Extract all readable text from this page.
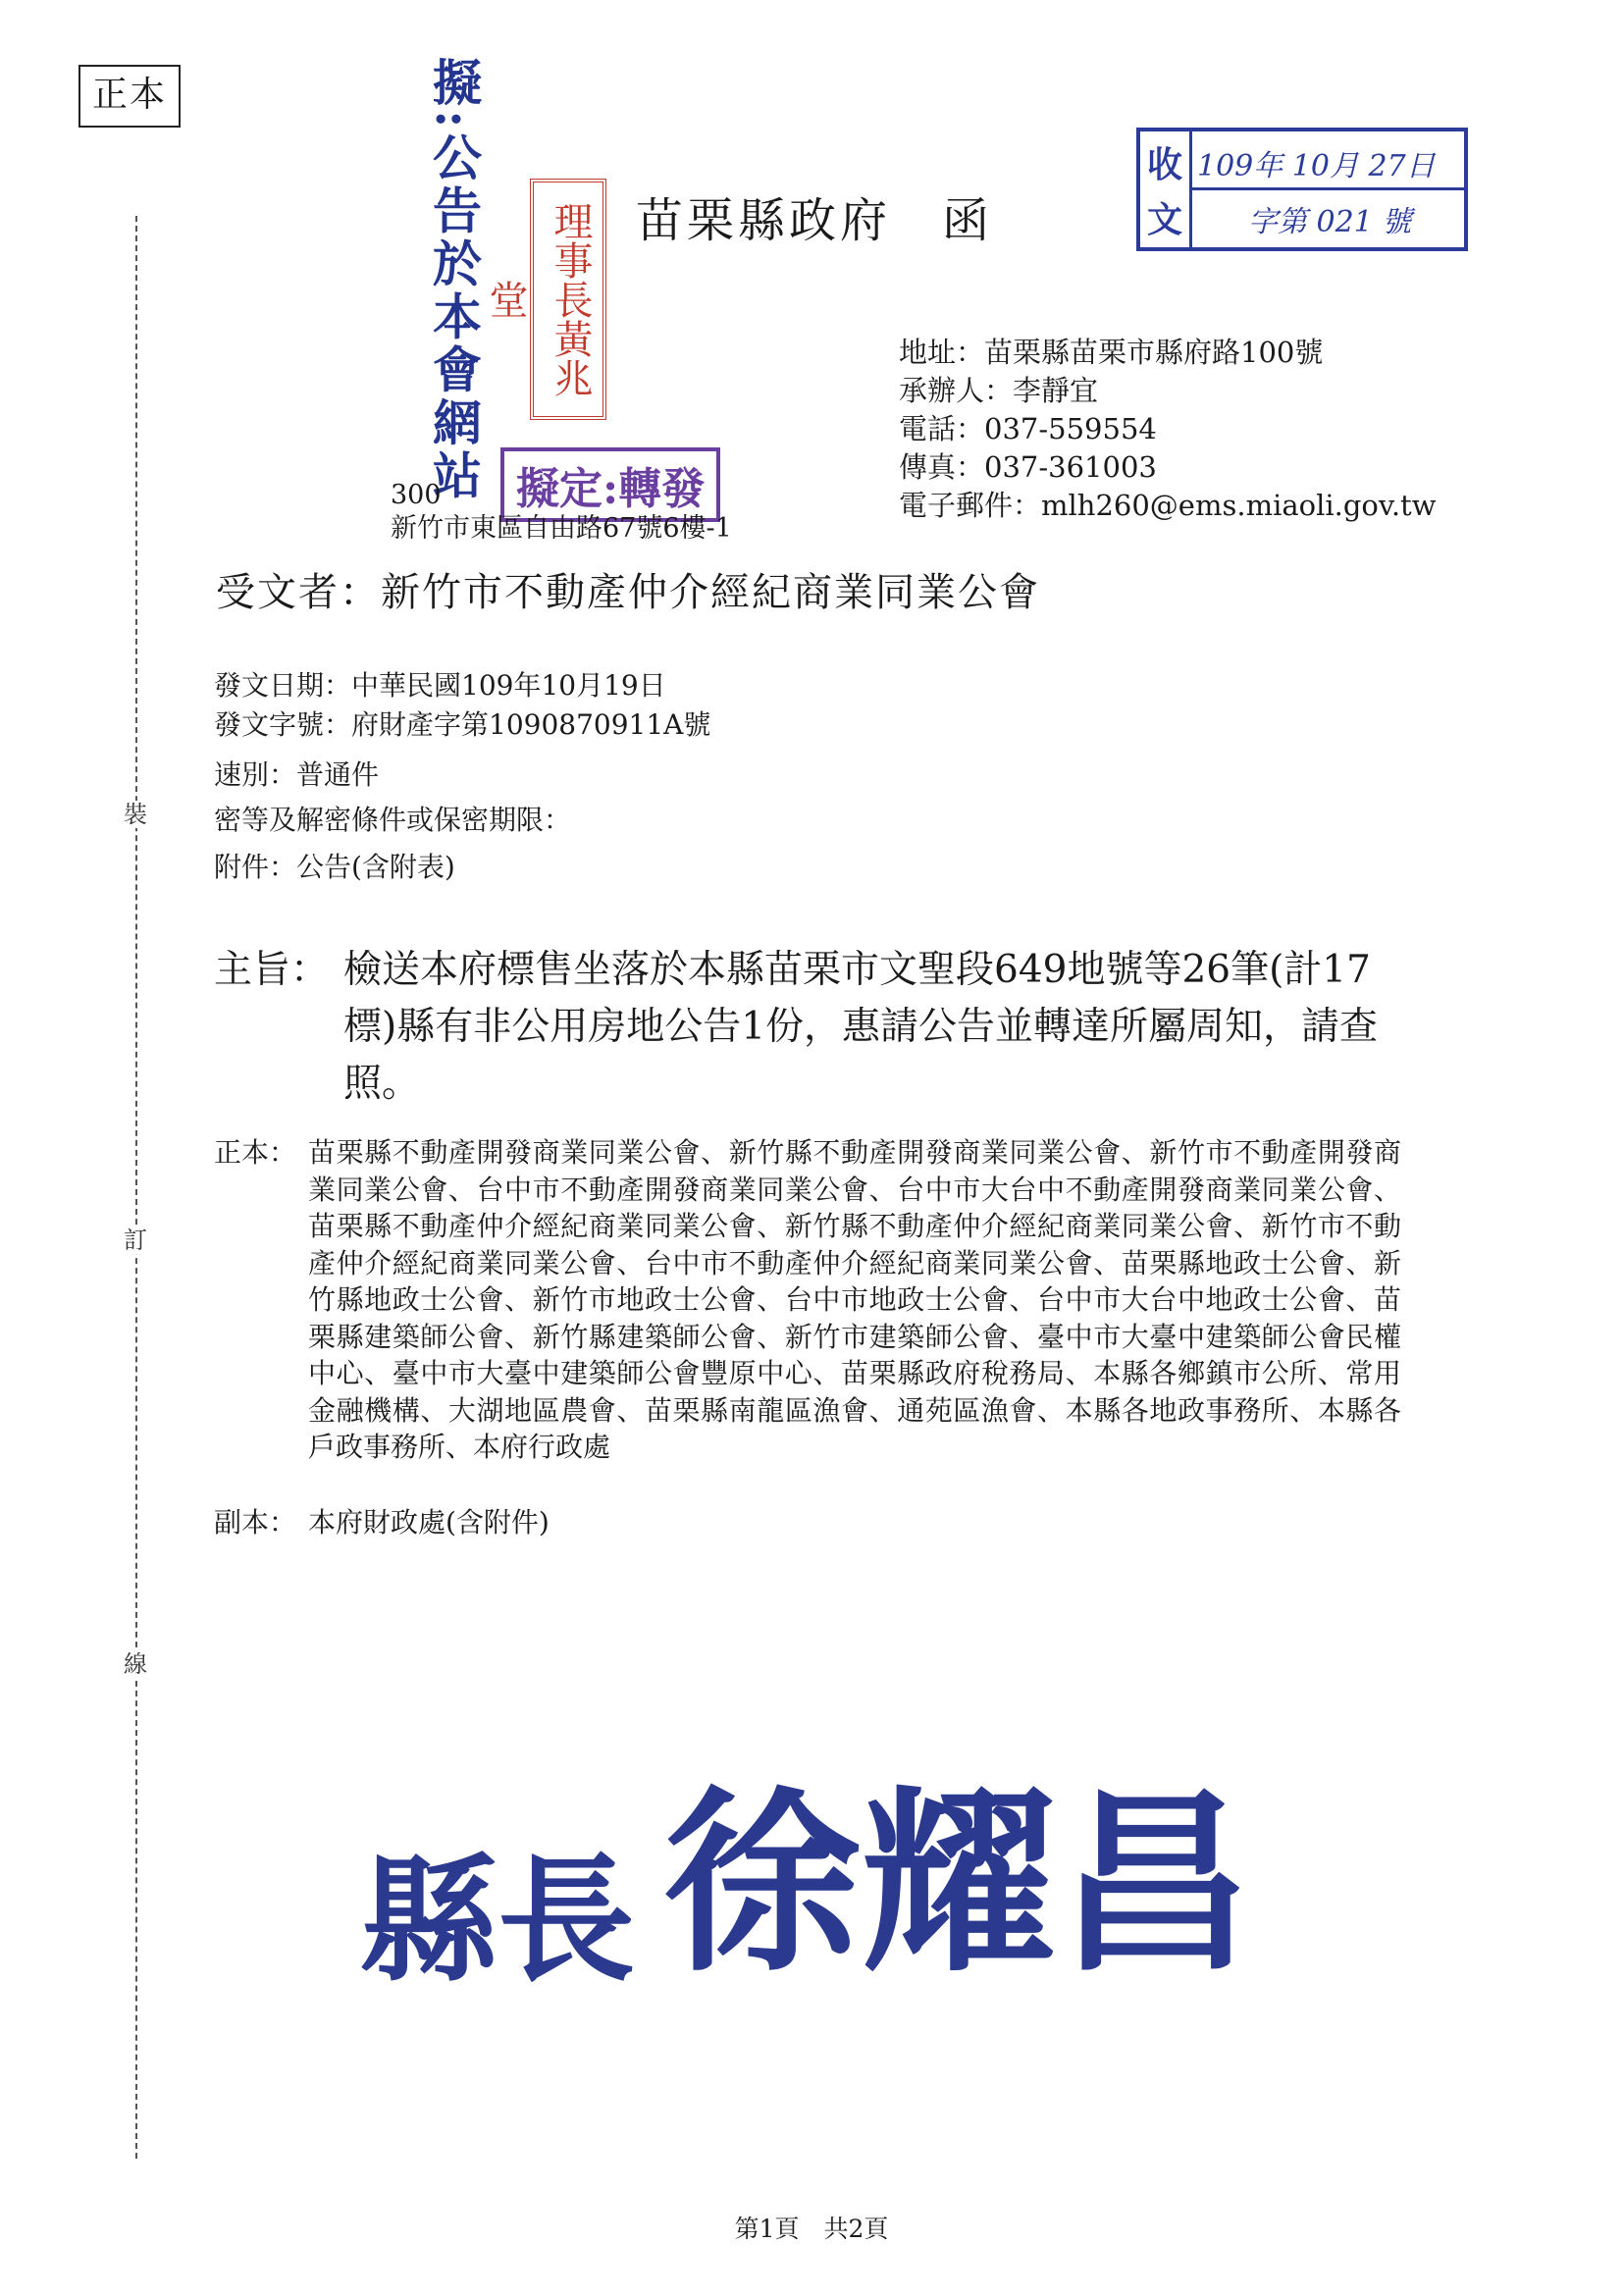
正本
裝
訂
線
擬:公告於本會網站	理事長黃兆堂
擬定:轉發
苗栗縣政府　函
收
文
109年 10月 27日
字第 021 號
地址：苗栗縣苗栗市縣府路100號
承辦人：李靜宜
電話：037-559554
傳真：037-361003
電子郵件：mlh260@ems.miaoli.gov.tw
300
新竹市東區自由路67號6樓-1
受文者：新竹市不動產仲介經紀商業同業公會
發文日期：中華民國109年10月19日
發文字號：府財產字第1090870911A號
速別：普通件
密等及解密條件或保密期限：
附件：公告(含附表)
主旨： 檢送本府標售坐落於本縣苗栗市文聖段649地號等26筆(計17標)縣有非公用房地公告1份，惠請公告並轉達所屬周知，請查照。
正本： 苗栗縣不動產開發商業同業公會、新竹縣不動產開發商業同業公會、新竹市不動產開發商業同業公會、台中市不動產開發商業同業公會、台中市大台中不動產開發商業同業公會、苗栗縣不動產仲介經紀商業同業公會、新竹縣不動產仲介經紀商業同業公會、新竹市不動產仲介經紀商業同業公會、台中市不動產仲介經紀商業同業公會、苗栗縣地政士公會、新竹縣地政士公會、新竹市地政士公會、台中市地政士公會、台中市大台中地政士公會、苗栗縣建築師公會、新竹縣建築師公會、新竹市建築師公會、臺中市大臺中建築師公會民權中心、臺中市大臺中建築師公會豐原中心、苗栗縣政府稅務局、本縣各鄉鎮市公所、常用金融機構、大湖地區農會、苗栗縣南龍區漁會、通苑區漁會、本縣各地政事務所、本縣各戶政事務所、本府行政處
副本： 本府財政處(含附件)
縣長 徐耀昌
第1頁　共2頁
